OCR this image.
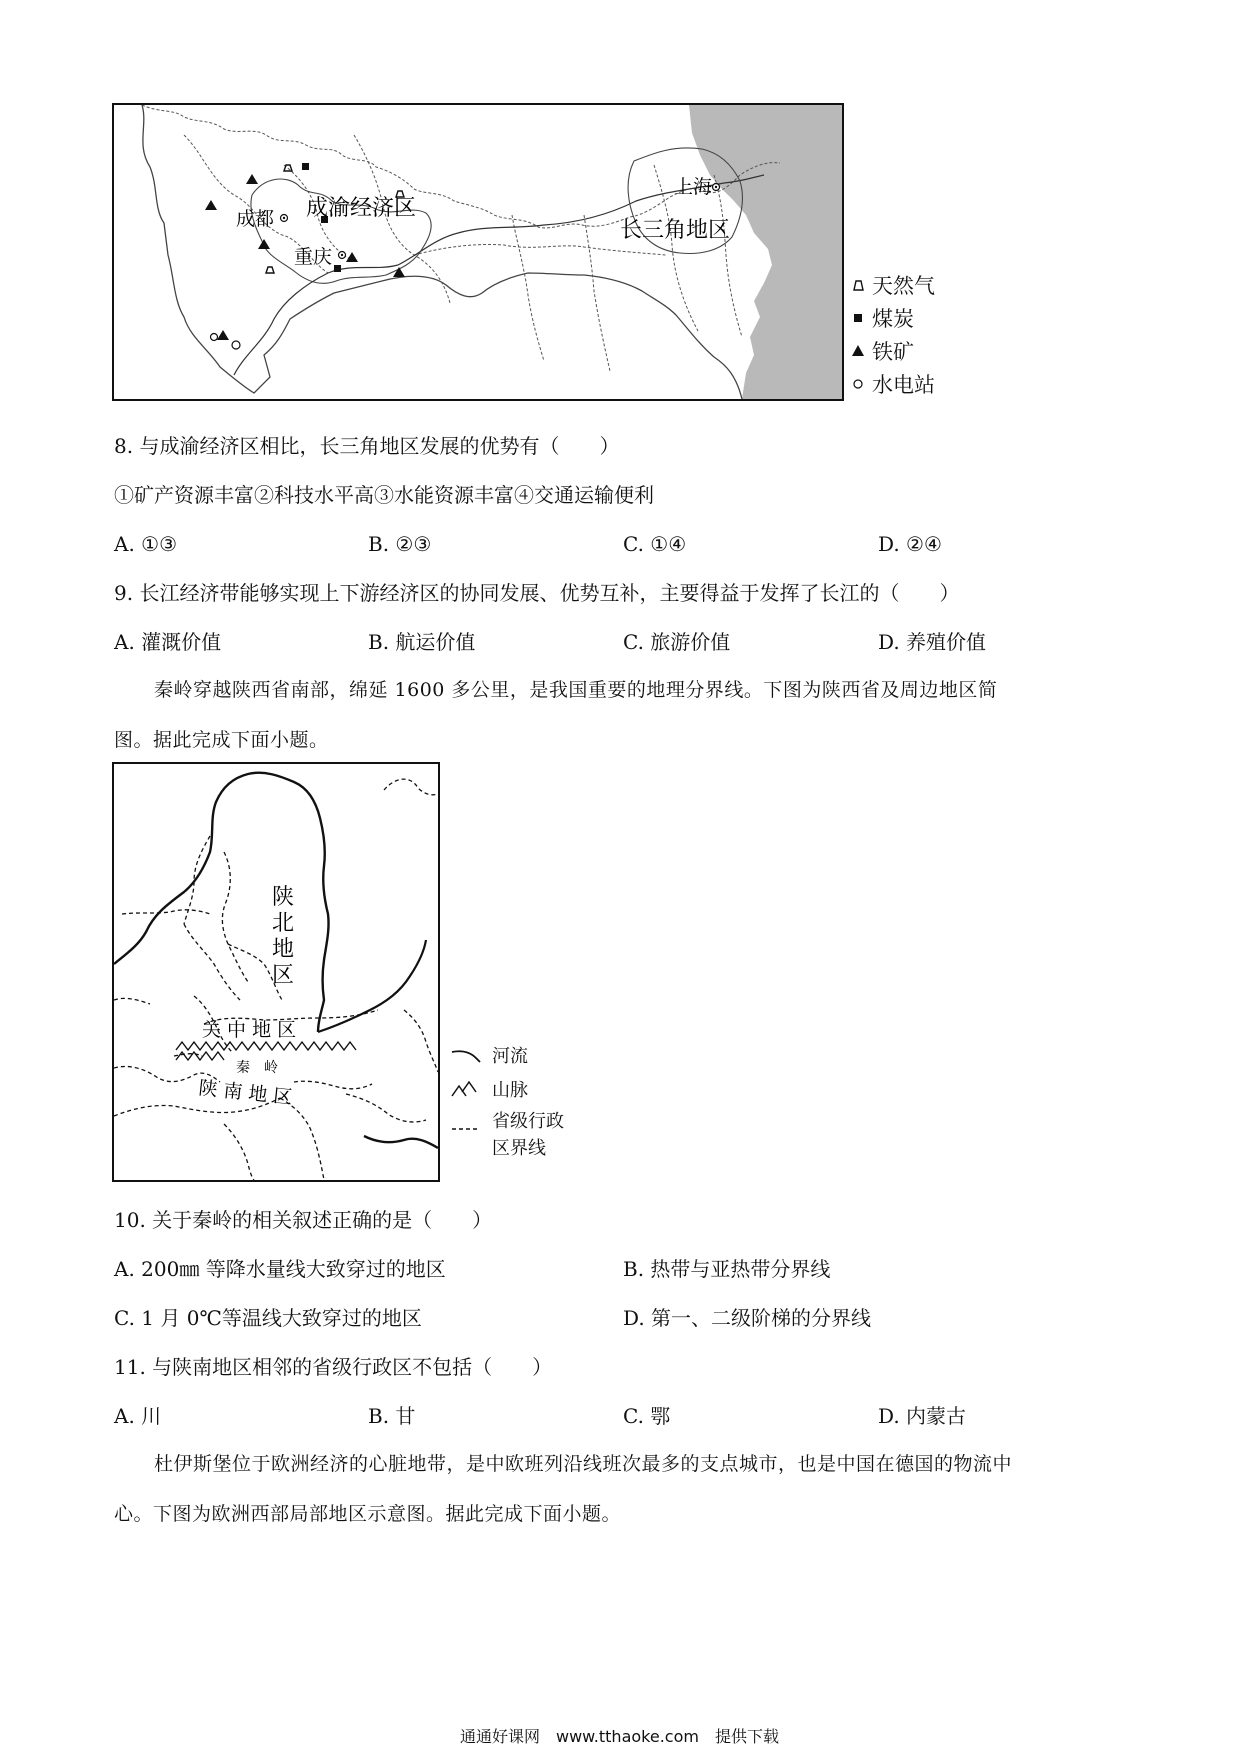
成都
重庆
成渝经济区
上海
长三角地区
天然气
煤炭
铁矿
水电站
8. 与成渝经济区相比，长三角地区发展的优势有（　　）
①矿产资源丰富②科技水平高③水能资源丰富④交通运输便利
A. ①③	B. ②③	C. ①④	D. ②④
9. 长江经济带能够实现上下游经济区的协同发展、优势互补，主要得益于发挥了长江的（　　）
A. 灌溉价值	B. 航运价值	C. 旅游价值	D. 养殖价值
秦岭穿越陕西省南部，绵延 1600 多公里，是我国重要的地理分界线。下图为陕西省及周边地区简
图。据此完成下面小题。
陕
北
地
区
关 中 地 区
秦　岭
陕 南 地 区
河流
山脉
省级行政
区界线
10. 关于秦岭的相关叙述正确的是（　　）
A. 200㎜ 等降水量线大致穿过的地区	B. 热带与亚热带分界线
C. 1 月 0℃等温线大致穿过的地区	D. 第一、二级阶梯的分界线
11. 与陕南地区相邻的省级行政区不包括（　　）
A. 川	B. 甘	C. 鄂	D. 内蒙古
杜伊斯堡位于欧洲经济的心脏地带，是中欧班列沿线班次最多的支点城市，也是中国在德国的物流中
心。下图为欧洲西部局部地区示意图。据此完成下面小题。
通通好课网　www.tthaoke.com　提供下载
